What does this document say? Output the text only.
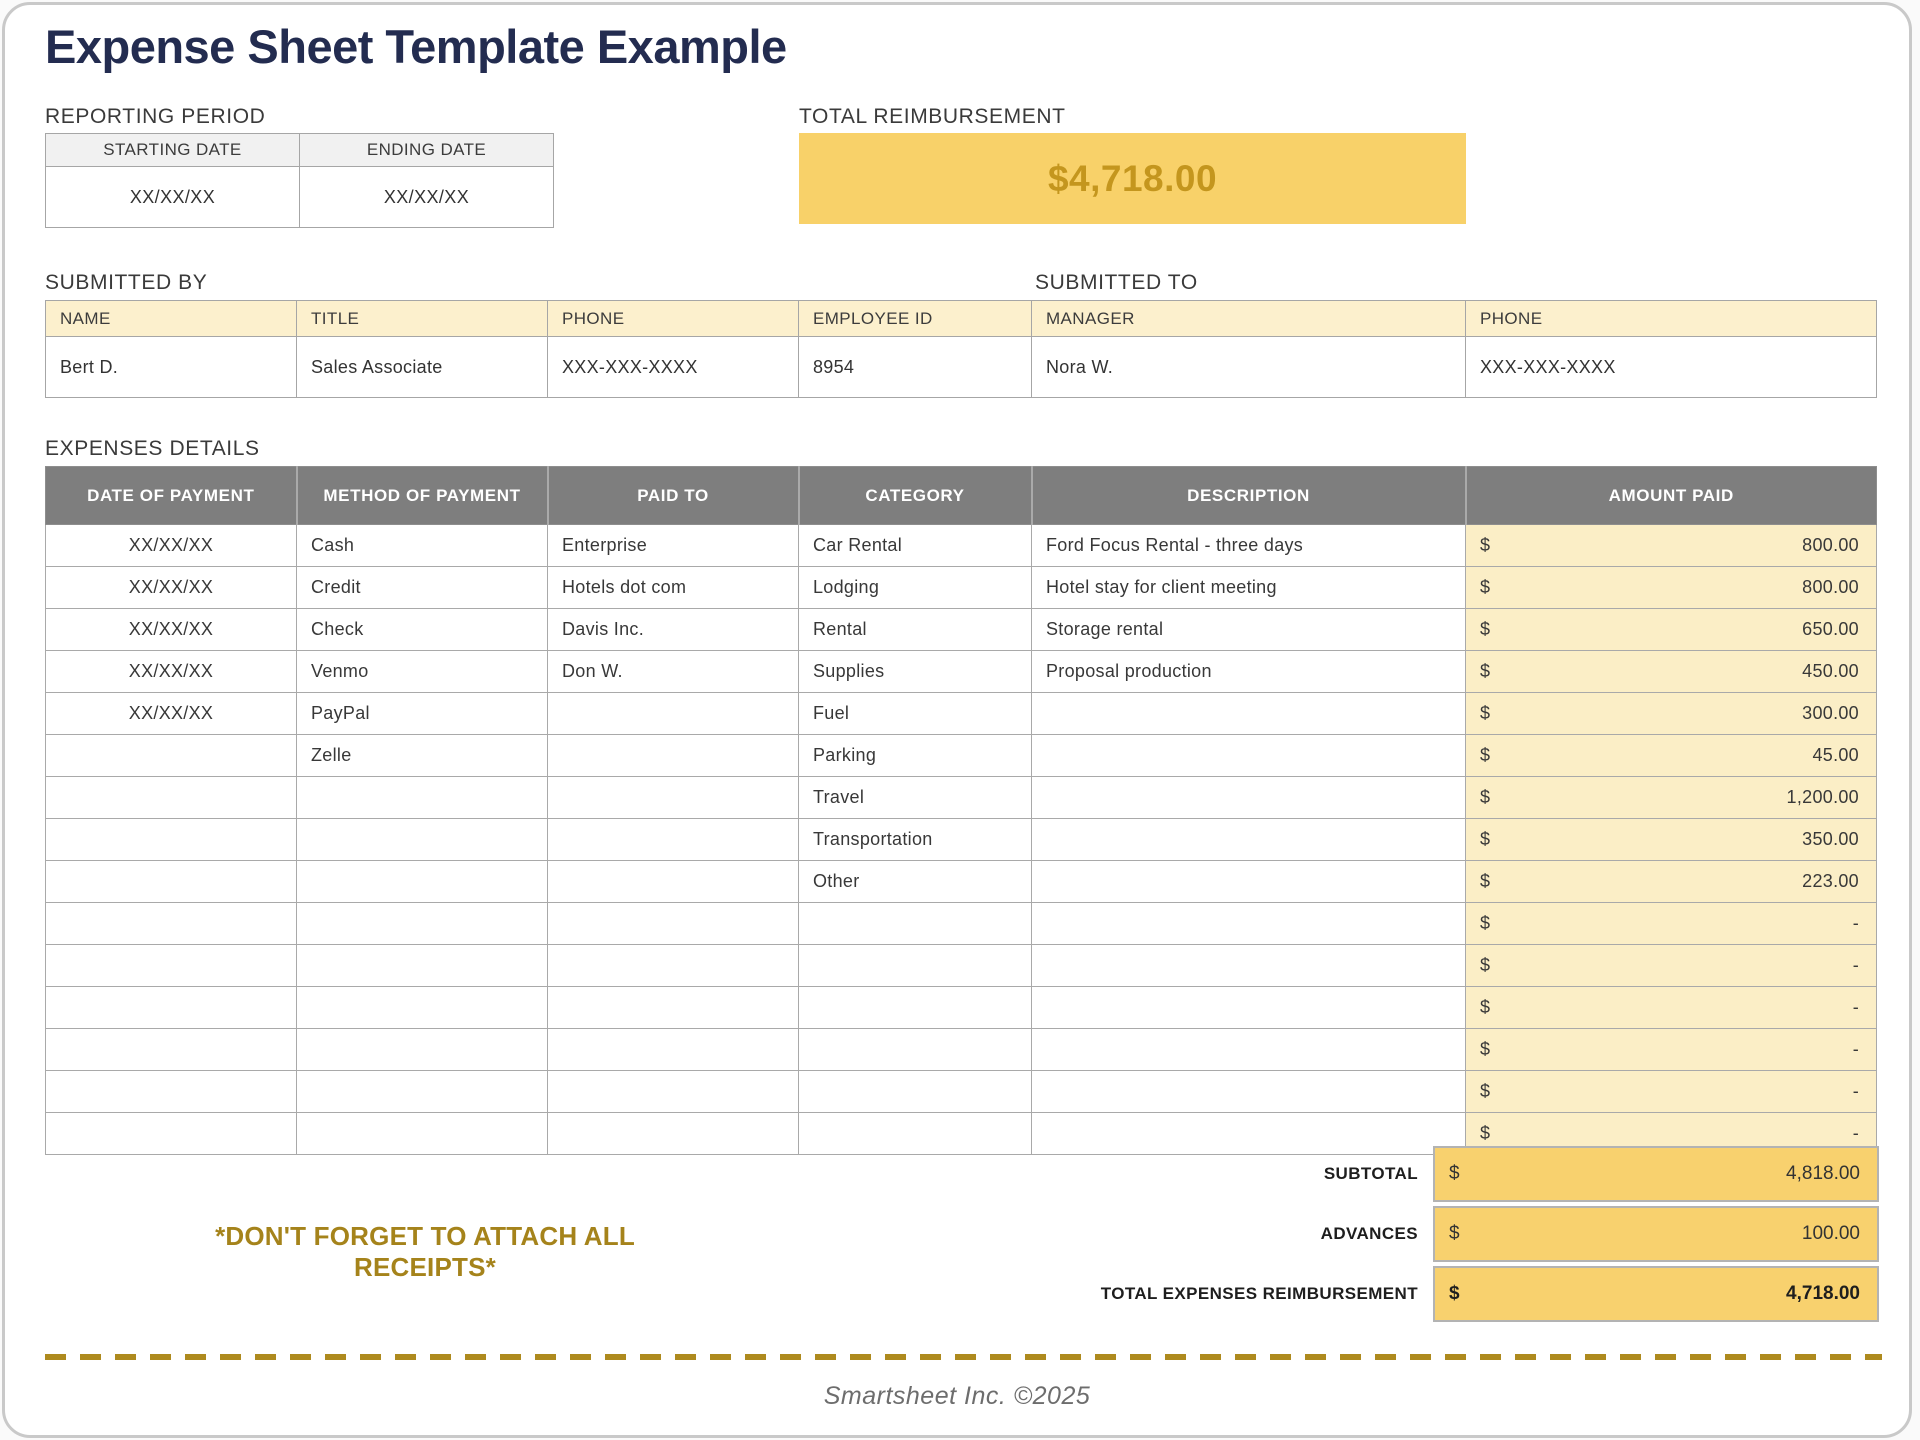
Expense Sheet Template Example
REPORTING PERIOD
STARTING DATE	ENDING DATE
XX/XX/XX	XX/XX/XX
TOTAL REIMBURSEMENT
$4,718.00
SUBMITTED BY	SUBMITTED TO
NAME	TITLE	PHONE	EMPLOYEE ID	MANAGER	PHONE
Bert D.	Sales Associate	XXX-XXX-XXXX	8954	Nora W.	XXX-XXX-XXXX
EXPENSES DETAILS
DATE OF PAYMENT	METHOD OF PAYMENT	PAID TO	CATEGORY	DESCRIPTION	AMOUNT PAID
XX/XX/XX	Cash	Enterprise	Car Rental	Ford Focus Rental - three days	$ 800.00

XX/XX/XX	Credit	Hotels dot com	Lodging	Hotel stay for client meeting	$ 800.00

XX/XX/XX	Check	Davis Inc.	Rental	Storage rental	$ 650.00

XX/XX/XX	Venmo	Don W.	Supplies	Proposal production	$ 450.00

XX/XX/XX	PayPal		Fuel		$ 300.00

	Zelle		Parking		$ 45.00

			Travel		$ 1,200.00

			Transportation		$ 350.00

			Other		$ 223.00

					$ -

					$ -

					$ -

					$ -

					$ -

					$ -
SUBTOTAL	$	4,818.00
ADVANCES	$	100.00
TOTAL EXPENSES REIMBURSEMENT	$	4,718.00
*DON'T FORGET TO ATTACH ALL RECEIPTS*
Smartsheet Inc. ©2025
